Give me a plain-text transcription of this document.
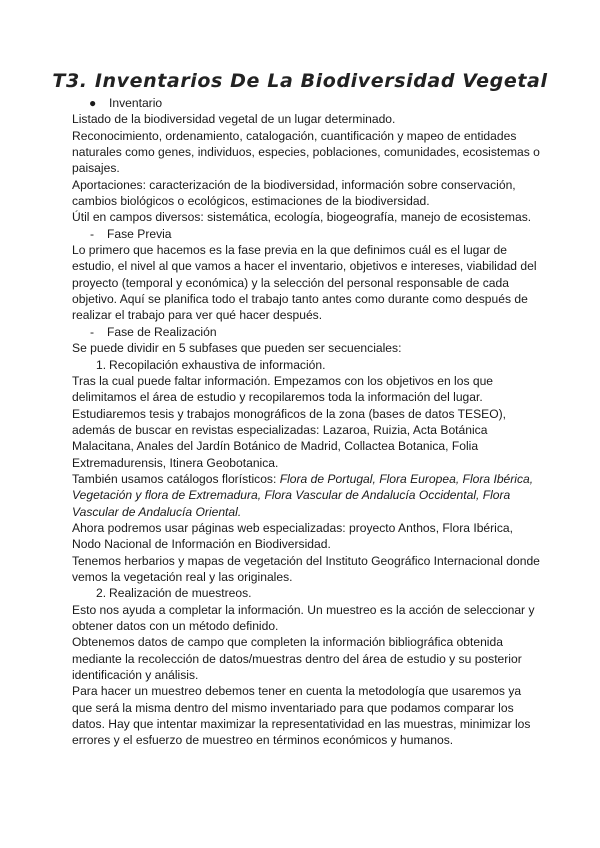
T3. Inventarios De La Biodiversidad Vegetal

● Inventario

Listado de la biodiversidad vegetal de un lugar determinado.

Reconocimiento, ordenamiento, catalogación, cuantificación y mapeo de entidades naturales como genes, individuos, especies, poblaciones, comunidades, ecosistemas o paisajes.

Aportaciones: caracterización de la biodiversidad, información sobre conservación, cambios biológicos o ecológicos, estimaciones de la biodiversidad.

Útil en campos diversos: sistemática, ecología, biogeografía, manejo de ecosistemas.

- Fase Previa

Lo primero que hacemos es la fase previa en la que definimos cuál es el lugar de estudio, el nivel al que vamos a hacer el inventario, objetivos e intereses, viabilidad del proyecto (temporal y económica) y la selección del personal responsable de cada objetivo. Aquí se planifica todo el trabajo tanto antes como durante como después de realizar el trabajo para ver qué hacer después.

- Fase de Realización

Se puede dividir en 5 subfases que pueden ser secuenciales:

1. Recopilación exhaustiva de información.

Tras la cual puede faltar información. Empezamos con los objetivos en los que delimitamos el área de estudio y recopilaremos toda la información del lugar.

Estudiaremos tesis y trabajos monográficos de la zona (bases de datos TESEO), además de buscar en revistas especializadas: Lazaroa, Ruizia, Acta Botánica Malacitana, Anales del Jardín Botánico de Madrid, Collactea Botanica, Folia Extremadurensis, Itinera Geobotanica.

También usamos catálogos florísticos: Flora de Portugal, Flora Europea, Flora Ibérica, Vegetación y flora de Extremadura, Flora Vascular de Andalucía Occidental, Flora Vascular de Andalucía Oriental.

Ahora podremos usar páginas web especializadas: proyecto Anthos, Flora Ibérica, Nodo Nacional de Información en Biodiversidad.

Tenemos herbarios y mapas de vegetación del Instituto Geográfico Internacional donde vemos la vegetación real y las originales.

2. Realización de muestreos.

Esto nos ayuda a completar la información. Un muestreo es la acción de seleccionar y obtener datos con un método definido.

Obtenemos datos de campo que completen la información bibliográfica obtenida mediante la recolección de datos/muestras dentro del área de estudio y su posterior identificación y análisis.

Para hacer un muestreo debemos tener en cuenta la metodología que usaremos ya que será la misma dentro del mismo inventariado para que podamos comparar los datos. Hay que intentar maximizar la representatividad en las muestras, minimizar los errores y el esfuerzo de muestreo en términos económicos y humanos.
